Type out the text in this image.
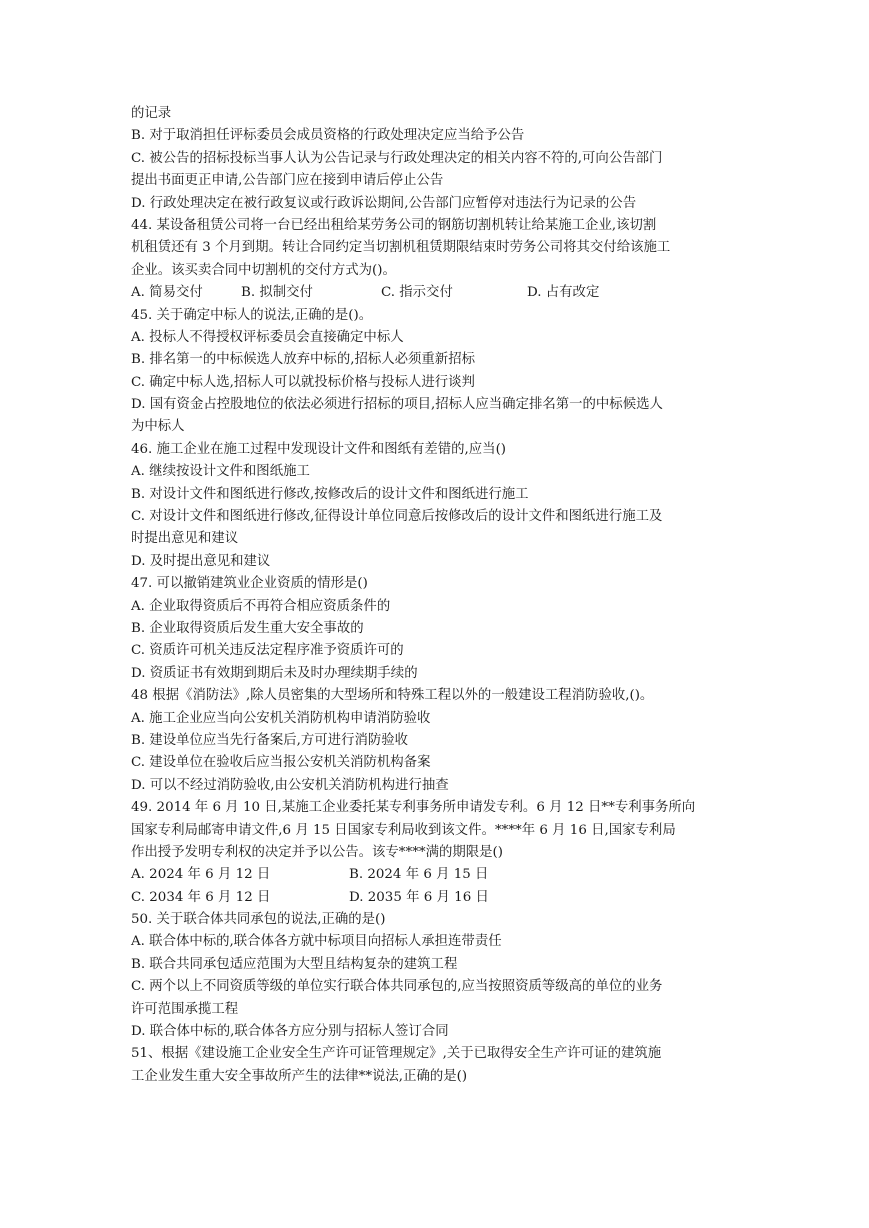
的记录
B. 对于取消担任评标委员会成员资格的行政处理决定应当给予公告
C. 被公告的招标投标当事人认为公告记录与行政处理决定的相关内容不符的,可向公告部门
提出书面更正申请,公告部门应在接到申请后停止公告
D. 行政处理决定在被行政复议或行政诉讼期间,公告部门应暂停对违法行为记录的公告
44. 某设备租赁公司将一台已经出租给某劳务公司的钢筋切割机转让给某施工企业,该切割
机租赁还有 3 个月到期。转让合同约定当切割机租赁期限结束时劳务公司将其交付给该施工
企业。该买卖合同中切割机的交付方式为()。
A. 简易交付	B. 拟制交付	C. 指示交付	D. 占有改定
45. 关于确定中标人的说法,正确的是()。
A. 投标人不得授权评标委员会直接确定中标人
B. 排名第一的中标候选人放弃中标的,招标人必须重新招标
C. 确定中标人选,招标人可以就投标价格与投标人进行谈判
D. 国有资金占控股地位的依法必须进行招标的项目,招标人应当确定排名第一的中标候选人
为中标人
46. 施工企业在施工过程中发现设计文件和图纸有差错的,应当()
A. 继续按设计文件和图纸施工
B. 对设计文件和图纸进行修改,按修改后的设计文件和图纸进行施工
C. 对设计文件和图纸进行修改,征得设计单位同意后按修改后的设计文件和图纸进行施工及
时提出意见和建议
D. 及时提出意见和建议
47. 可以撤销建筑业企业资质的情形是()
A. 企业取得资质后不再符合相应资质条件的
B. 企业取得资质后发生重大安全事故的
C. 资质许可机关违反法定程序准予资质许可的
D. 资质证书有效期到期后未及时办理续期手续的
48 根据《消防法》,除人员密集的大型场所和特殊工程以外的一般建设工程消防验收,()。
A. 施工企业应当向公安机关消防机构申请消防验收
B. 建设单位应当先行备案后,方可进行消防验收
C. 建设单位在验收后应当报公安机关消防机构备案
D. 可以不经过消防验收,由公安机关消防机构进行抽查
49. 2014 年 6 月 10 日,某施工企业委托某专利事务所申请发专利。6 月 12 日**专利事务所向
国家专利局邮寄申请文件,6 月 15 日国家专利局收到该文件。****年 6 月 16 日,国家专利局
作出授予发明专利权的决定并予以公告。该专****满的期限是()
A. 2024 年 6 月 12 日	B. 2024 年 6 月 15 日
C. 2034 年 6 月 12 日	D. 2035 年 6 月 16 日
50. 关于联合体共同承包的说法,正确的是()
A. 联合体中标的,联合体各方就中标项目向招标人承担连带责任
B. 联合共同承包适应范围为大型且结构复杂的建筑工程
C. 两个以上不同资质等级的单位实行联合体共同承包的,应当按照资质等级高的单位的业务
许可范围承揽工程
D. 联合体中标的,联合体各方应分别与招标人签订合同
51、根据《建设施工企业安全生产许可证管理规定》,关于已取得安全生产许可证的建筑施
工企业发生重大安全事故所产生的法律**说法,正确的是()
